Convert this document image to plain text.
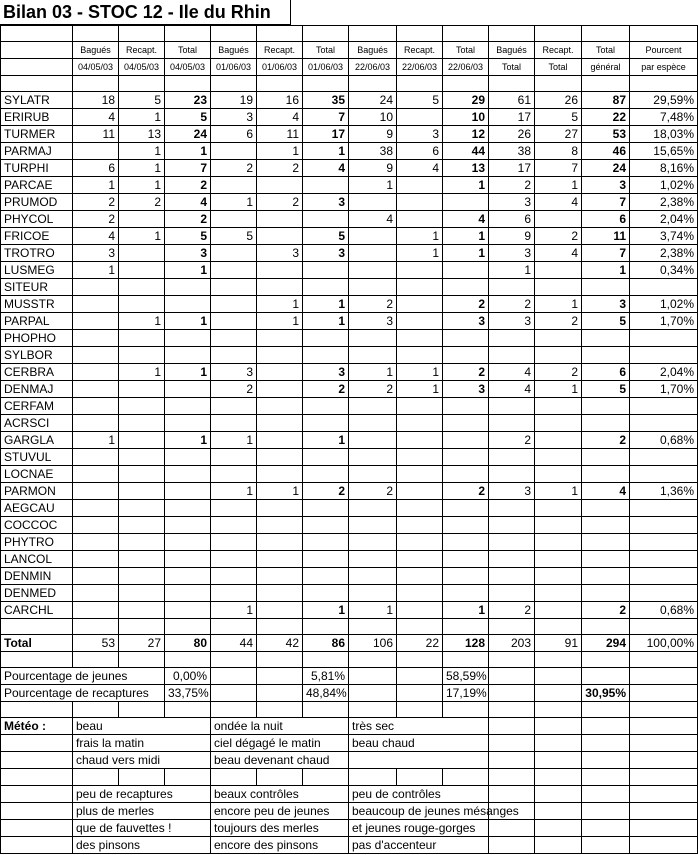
Bilan 03 - STOC 12 - Ile du Rhin

	Bagués	Recapt.	Total	Bagués	Recapt.	Total	Bagués	Recapt.	Total	Bagués	Recapt.	Total	Pourcent
	04/05/03	04/05/03	04/05/03	01/06/03	01/06/03	01/06/03	22/06/03	22/06/03	22/06/03	Total	Total	général	par espèce

SYLATR	18	5	23	19	16	35	24	5	29	61	26	87	29,59%
ERIRUB	4	1	5	3	4	7	10		10	17	5	22	7,48%
TURMER	11	13	24	6	11	17	9	3	12	26	27	53	18,03%
PARMAJ		1	1		1	1	38	6	44	38	8	46	15,65%
TURPHI	6	1	7	2	2	4	9	4	13	17	7	24	8,16%
PARCAE	1	1	2				1		1	2	1	3	1,02%
PRUMOD	2	2	4	1	2	3				3	4	7	2,38%
PHYCOL	2		2				4		4	6		6	2,04%
FRICOE	4	1	5	5		5		1	1	9	2	11	3,74%
TROTRO	3		3		3	3		1	1	3	4	7	2,38%
LUSMEG	1		1							1		1	0,34%
SITEUR													
MUSSTR					1	1	2		2	2	1	3	1,02%
PARPAL		1	1		1	1	3		3	3	2	5	1,70%
PHOPHO													
SYLBOR													
CERBRA		1	1	3		3	1	1	2	4	2	6	2,04%
DENMAJ				2		2	2	1	3	4	1	5	1,70%
CERFAM													
ACRSCI													
GARGLA	1		1	1		1				2		2	0,68%
STUVUL													
LOCNAE													
PARMON				1	1	2	2		2	3	1	4	1,36%
AEGCAU													
COCCOC													
PHYTRO													
LANCOL													
DENMIN													
DENMED													
CARCHL				1		1	1		1	2		2	0,68%

Total	53	27	80	44	42	86	106	22	128	203	91	294	100,00%

Pourcentage de jeunes			0,00%			5,81%			58,59%				
Pourcentage de recaptures			33,75%			48,84%			17,19%			30,95%	

Météo :	beau			ondée la nuit			très sec						
	frais la matin			ciel dégagé le matin			beau chaud						
	chaud vers midi			beau devenant chaud									

	peu de recaptures			beaux contrôles			peu de contrôles						
	plus de merles			encore peu de jeunes			beaucoup de jeunes mésanges						
	que de fauvettes !			toujours des merles			et jeunes rouge-gorges						
	des pinsons			encore des pinsons			pas d'accenteur						
